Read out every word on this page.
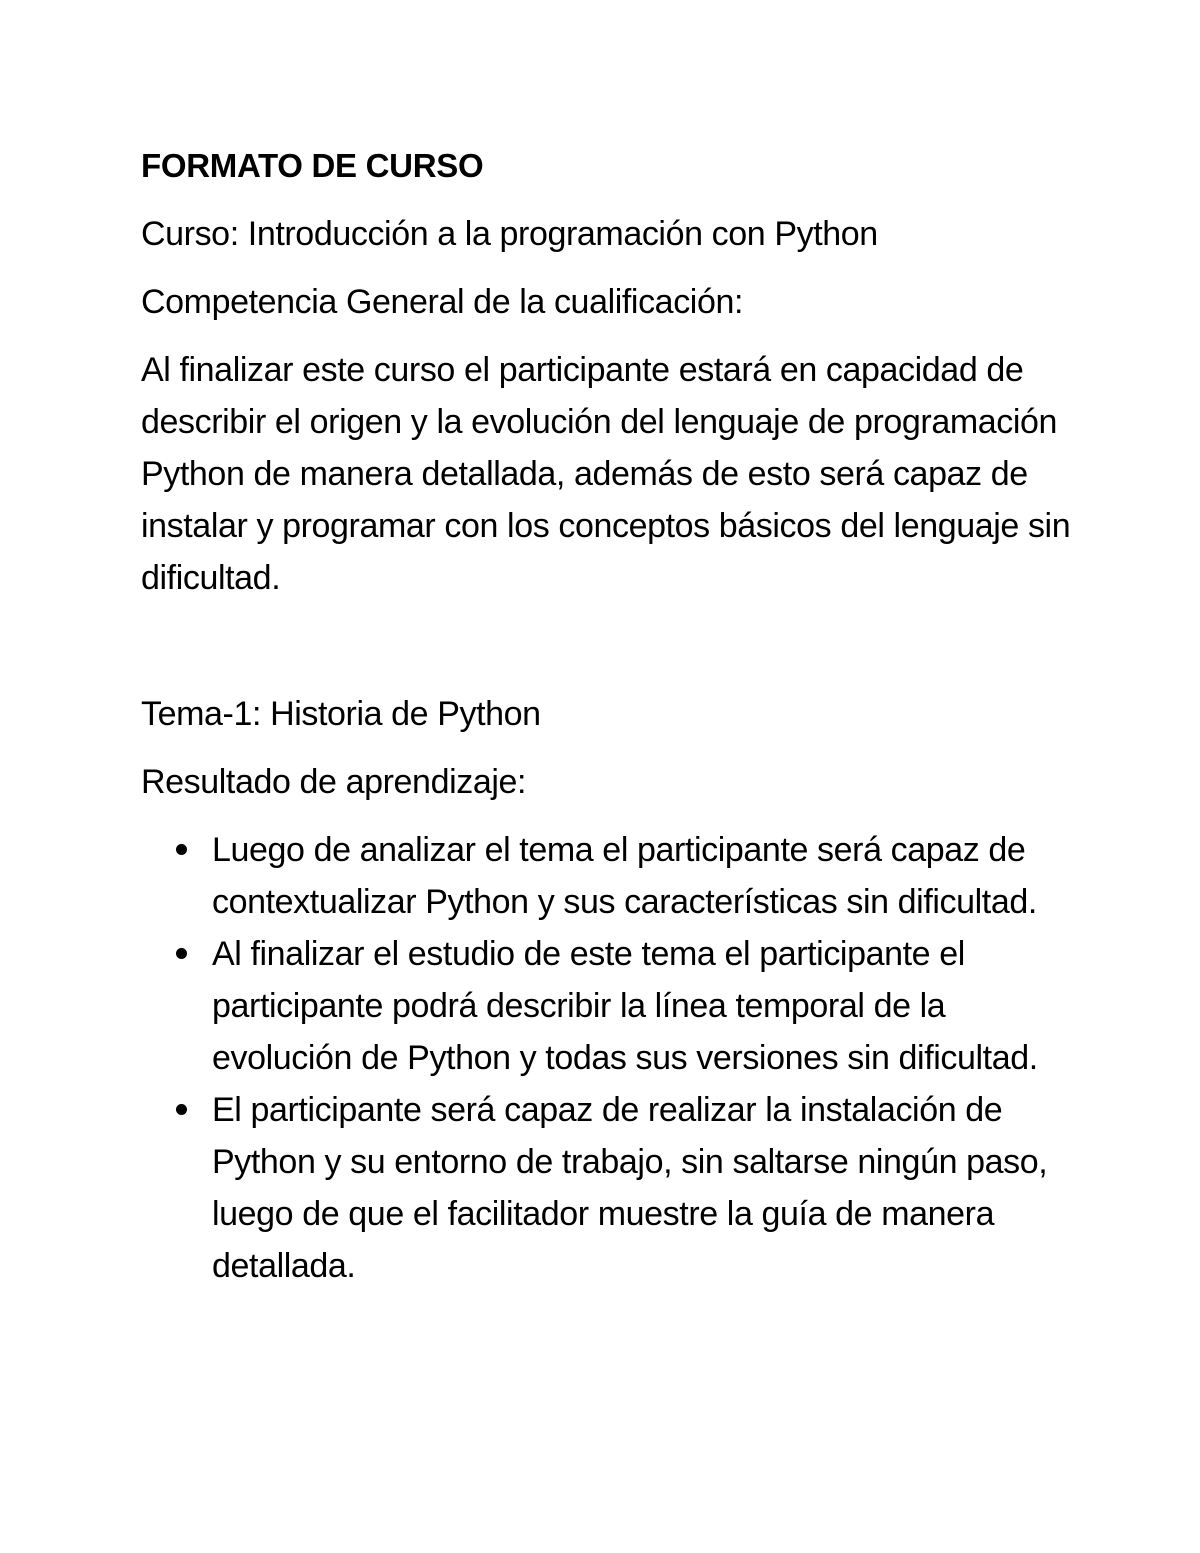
FORMATO DE CURSO
Curso: Introducción a la programación con Python
Competencia General de la cualificación:
Al finalizar este curso el participante estará en capacidad de describir el origen y la evolución del lenguaje de programación Python de manera detallada, además de esto será capaz de instalar y programar con los conceptos básicos del lenguaje sin dificultad.
Tema-1: Historia de Python
Resultado de aprendizaje:
Luego de analizar el tema el participante será capaz de contextualizar Python y sus características sin dificultad.
Al finalizar el estudio de este tema el participante el participante podrá describir la línea temporal de la evolución de Python y todas sus versiones sin dificultad.
El participante será capaz de realizar la instalación de Python y su entorno de trabajo, sin saltarse ningún paso, luego de que el facilitador muestre la guía de manera detallada.
